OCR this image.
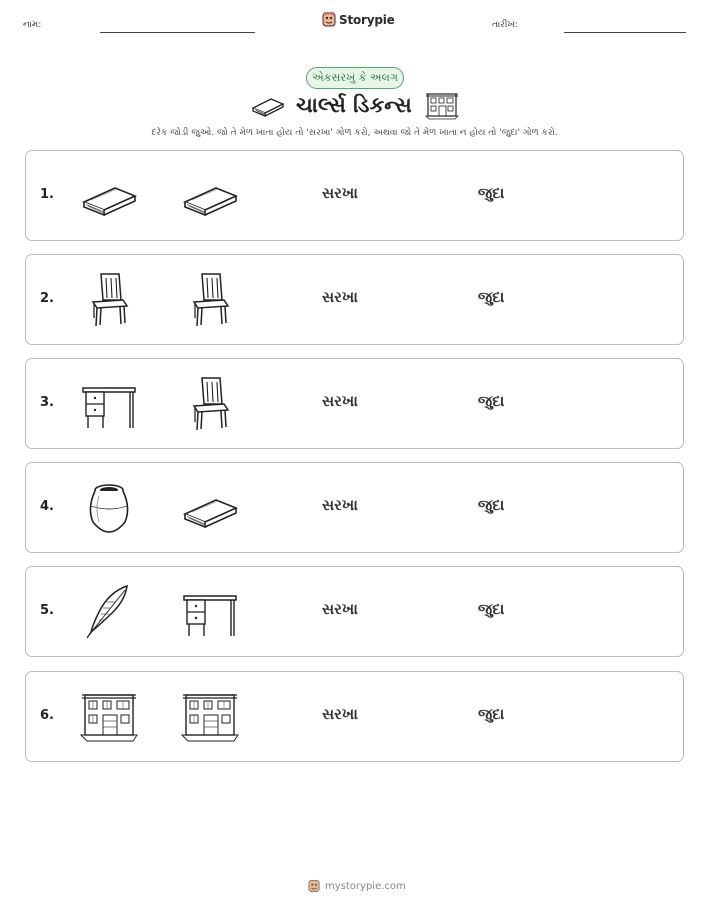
નામ:	Storypie	તારીખ:
એકસરખું કે અલગ
ચાર્લ્સ ડિકન્સ
દરેક જોડી જુઓ. જો તે મેળ ખાતા હોય તો 'સરખા' ગોળ કરો, અથવા જો તે મેળ ખાતા ન હોય તો 'જુદા' ગોળ કરો.
1.	સરખા	જુદા
2.	સરખા	જુદા
3.	સરખા	જુદા
4.	સરખા	જુદા
5.	સરખા	જુદા
6.	સરખા	જુદા
mystorypie.com
